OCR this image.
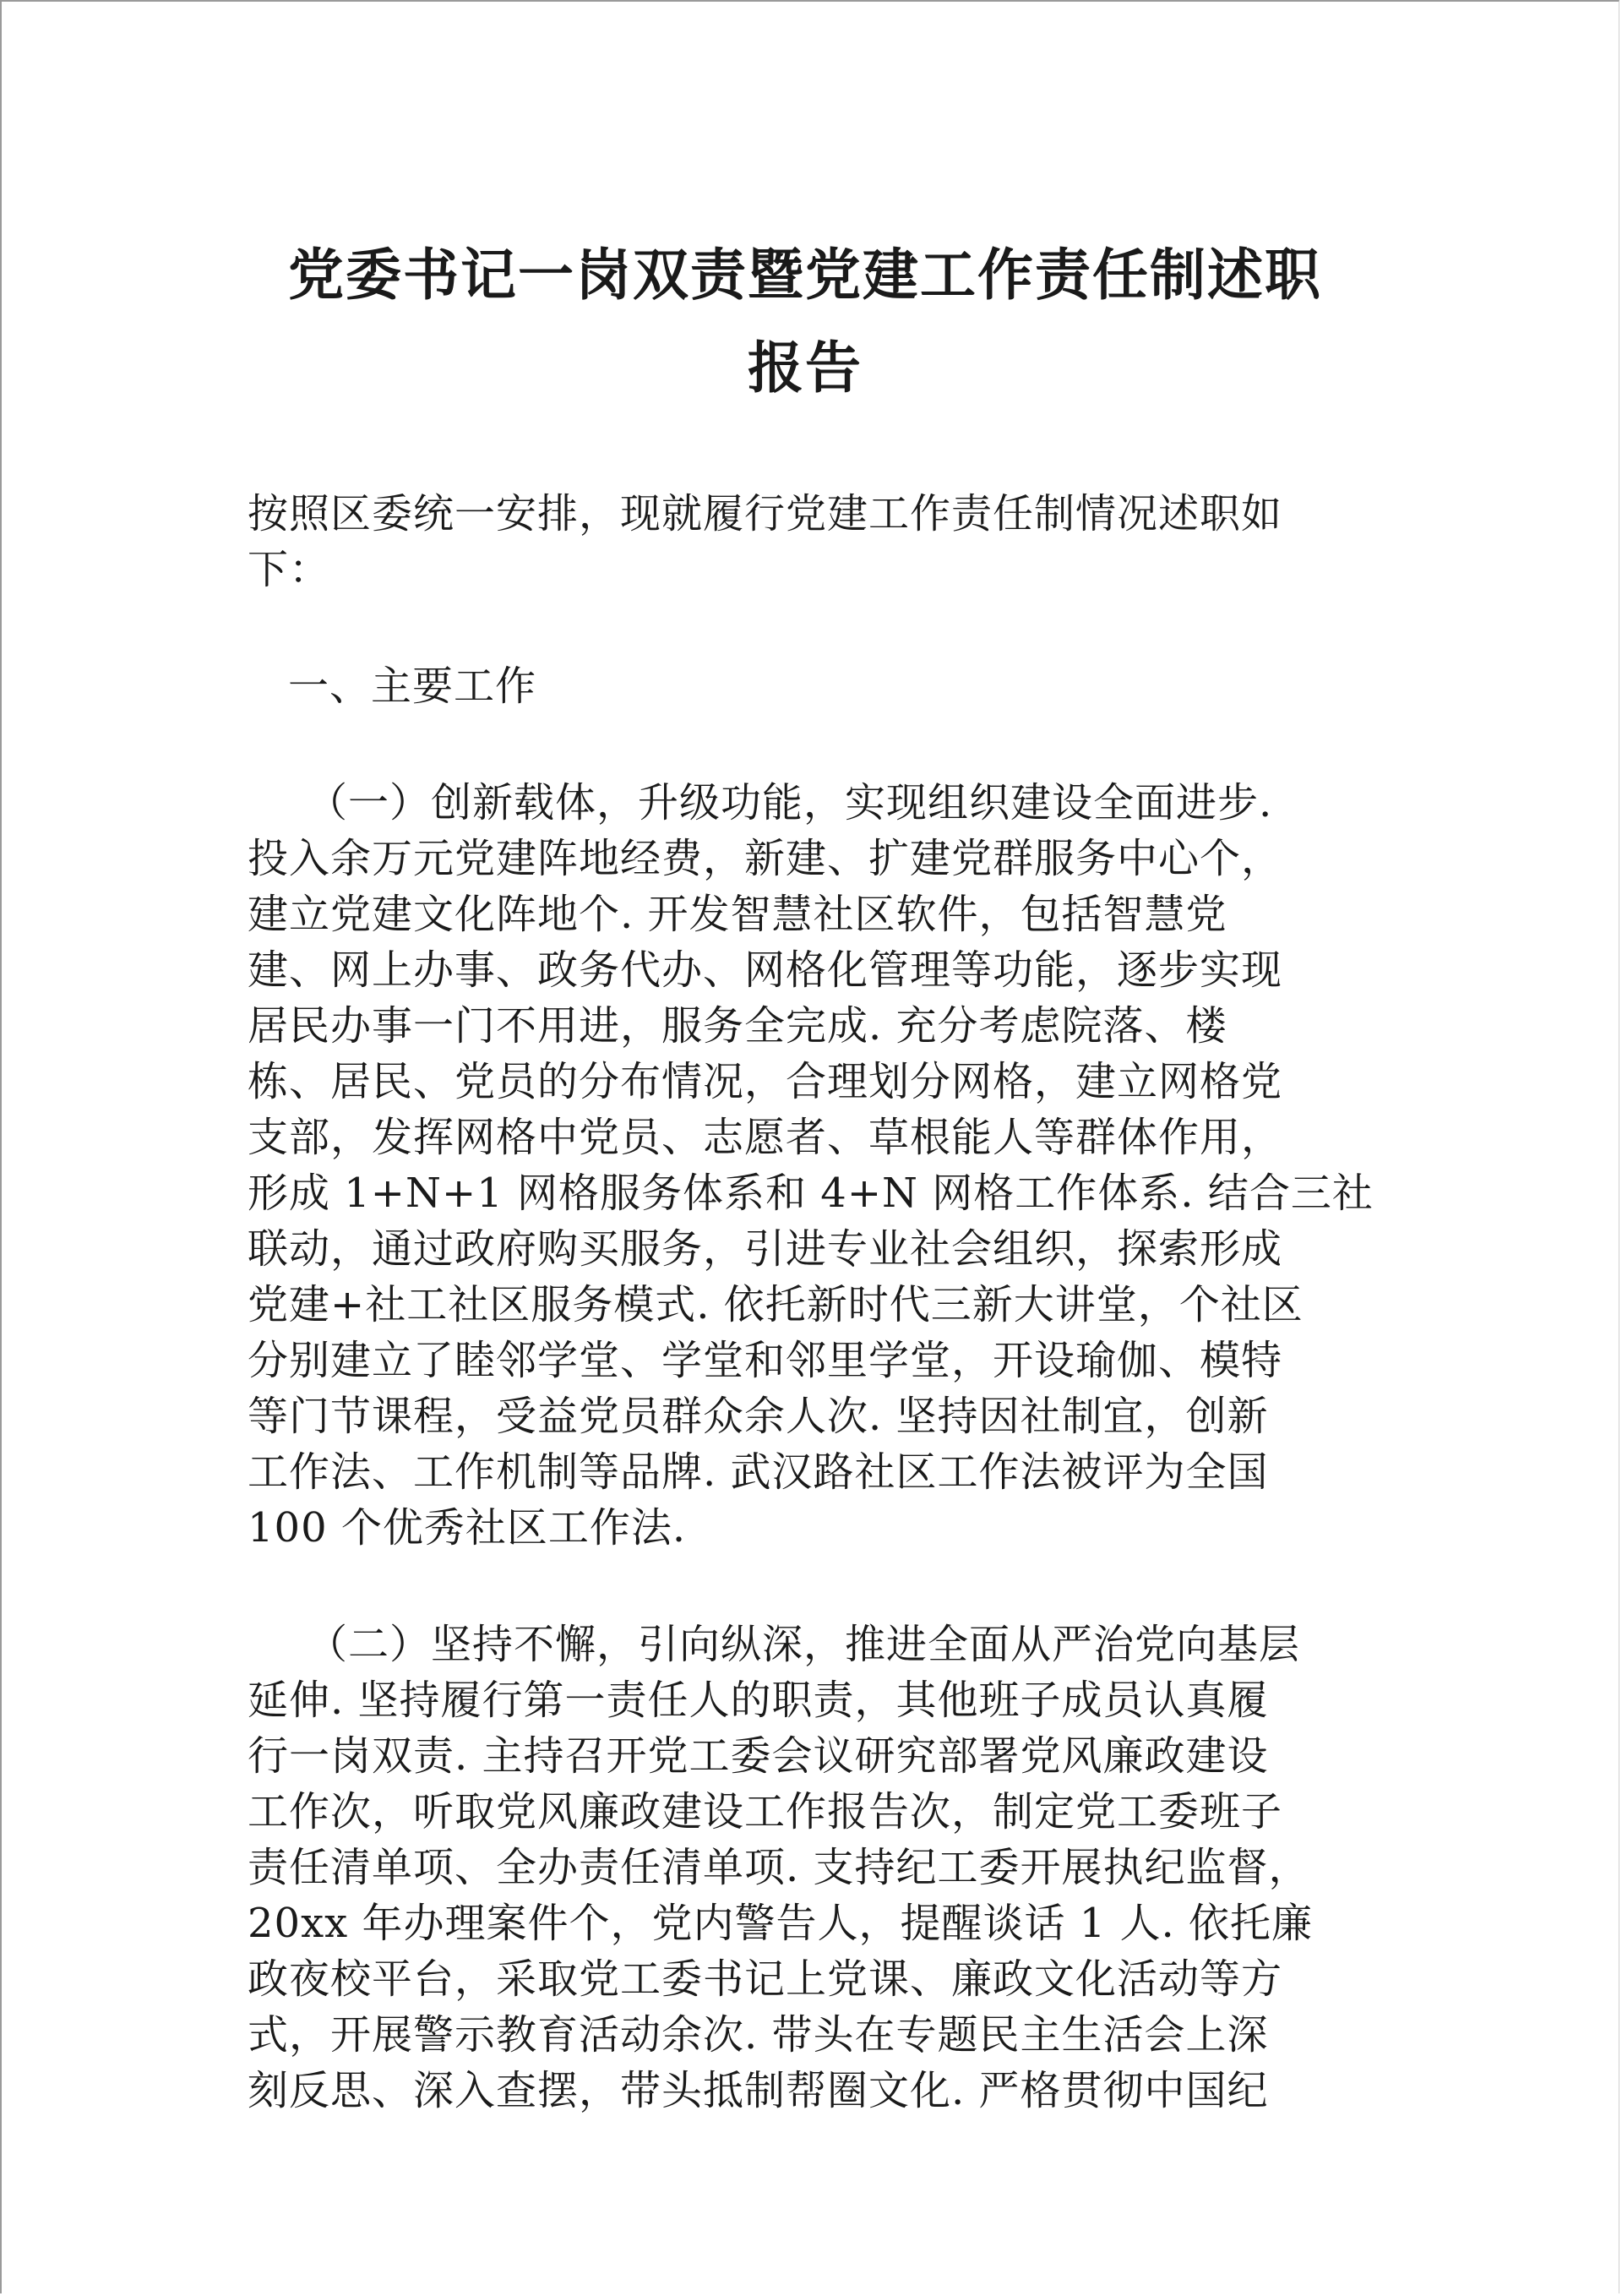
党委书记一岗双责暨党建工作责任制述职
报告

按照区委统一安排，现就履行党建工作责任制情况述职如
下：

一、主要工作

（一）创新载体，升级功能，实现组织建设全面进步.
投入余万元党建阵地经费，新建、扩建党群服务中心个，
建立党建文化阵地个. 开发智慧社区软件，包括智慧党
建、网上办事、政务代办、网格化管理等功能，逐步实现
居民办事一门不用进，服务全完成. 充分考虑院落、楼
栋、居民、党员的分布情况，合理划分网格，建立网格党
支部，发挥网格中党员、志愿者、草根能人等群体作用，
形成 1+N+1 网格服务体系和 4+N 网格工作体系. 结合三社
联动，通过政府购买服务，引进专业社会组织，探索形成
党建+社工社区服务模式. 依托新时代三新大讲堂，个社区
分别建立了睦邻学堂、学堂和邻里学堂，开设瑜伽、模特
等门节课程，受益党员群众余人次. 坚持因社制宜，创新
工作法、工作机制等品牌. 武汉路社区工作法被评为全国
100 个优秀社区工作法.

（二）坚持不懈，引向纵深，推进全面从严治党向基层
延伸. 坚持履行第一责任人的职责，其他班子成员认真履
行一岗双责. 主持召开党工委会议研究部署党风廉政建设
工作次，听取党风廉政建设工作报告次，制定党工委班子
责任清单项、全办责任清单项. 支持纪工委开展执纪监督，
20xx 年办理案件个，党内警告人，提醒谈话 1 人. 依托廉
政夜校平台，采取党工委书记上党课、廉政文化活动等方
式，开展警示教育活动余次. 带头在专题民主生活会上深
刻反思、深入查摆，带头抵制帮圈文化. 严格贯彻中国纪
